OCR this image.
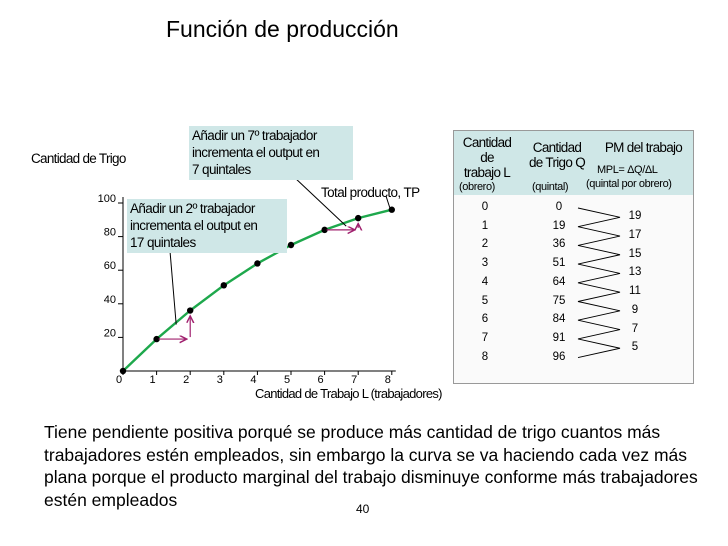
Función de producción
0 1 2 3 4 5 6 7 8
20
40
60
80
100
Cantidad de Trigo
Total producto, TP
Cantidad de Trabajo L (trabajadores)
Añadir un 7º trabajador
incrementa el output en
7 quintales
Añadir un 2º trabajador
incrementa el output en
17 quintales
Cantidad
de
trabajo L
Cantidad
de Trigo Q
PM del trabajo
(obrero)	(quintal)
MPL= ΔQ/ΔL
(quintal por obrero)
0
1
2
3
4
5
6
7
8
0
19
36
51
64
75
84
91
96
19
17
15
13
11
9
7
5
Tiene pendiente positiva porqué se produce más cantidad de trigo cuantos más trabajadores estén empleados, sin embargo la curva se va haciendo cada vez más plana porque el producto marginal del trabajo disminuye conforme más trabajadores estén empleados	40
